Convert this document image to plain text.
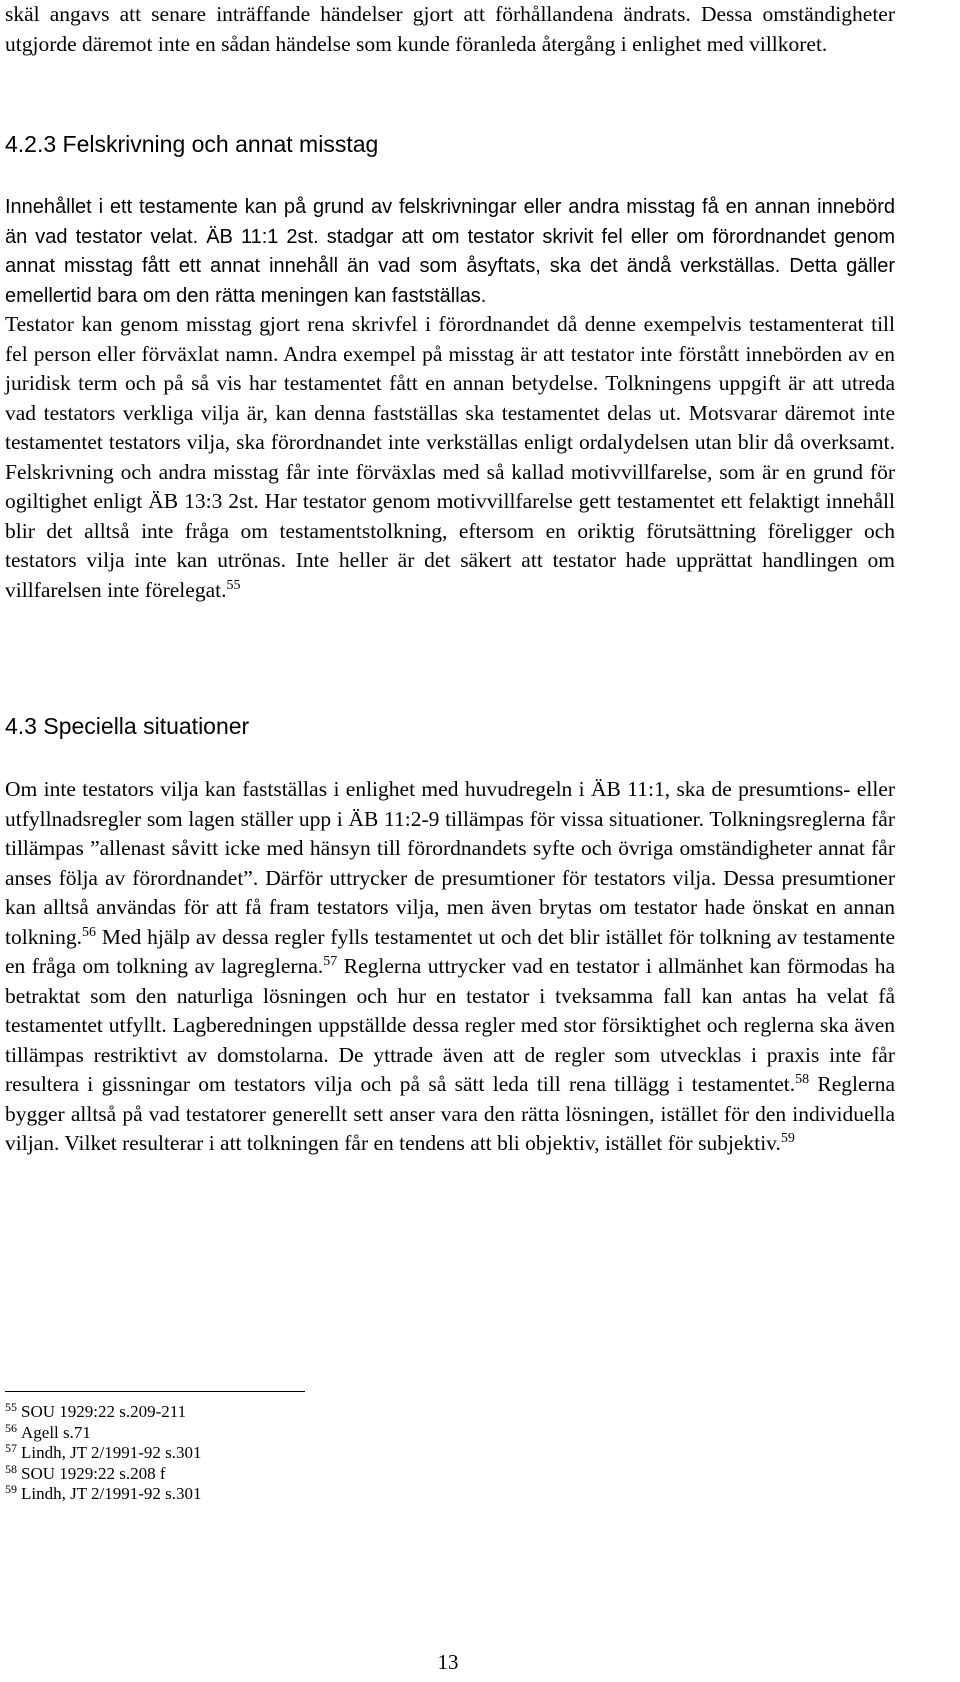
skäl angavs att senare inträffande händelser gjort att förhållandena ändrats. Dessa omständigheter utgjorde däremot inte en sådan händelse som kunde föranleda återgång i enlighet med villkoret.

4.2.3 Felskrivning och annat misstag

Innehållet i ett testamente kan på grund av felskrivningar eller andra misstag få en annan innebörd än vad testator velat. ÄB 11:1 2st. stadgar att om testator skrivit fel eller om förordnandet genom annat misstag fått ett annat innehåll än vad som åsyftats, ska det ändå verkställas. Detta gäller emellertid bara om den rätta meningen kan fastställas.

Testator kan genom misstag gjort rena skrivfel i förordnandet då denne exempelvis testamenterat till fel person eller förväxlat namn. Andra exempel på misstag är att testator inte förstått innebörden av en juridisk term och på så vis har testamentet fått en annan betydelse. Tolkningens uppgift är att utreda vad testators verkliga vilja är, kan denna fastställas ska testamentet delas ut. Motsvarar däremot inte testamentet testators vilja, ska förordnandet inte verkställas enligt ordalydelsen utan blir då overksamt. Felskrivning och andra misstag får inte förväxlas med så kallad motivvillfarelse, som är en grund för ogiltighet enligt ÄB 13:3 2st. Har testator genom motivvillfarelse gett testamentet ett felaktigt innehåll blir det alltså inte fråga om testamentstolkning, eftersom en oriktig förutsättning föreligger och testators vilja inte kan utrönas. Inte heller är det säkert att testator hade upprättat handlingen om villfarelsen inte förelegat.$^{55}$

4.3 Speciella situationer

Om inte testators vilja kan fastställas i enlighet med huvudregeln i ÄB 11:1, ska de presumtions- eller utfyllnadsregler som lagen ställer upp i ÄB 11:2-9 tillämpas för vissa situationer. Tolkningsreglerna får tillämpas ”allenast såvitt icke med hänsyn till förordnandets syfte och övriga omständigheter annat får anses följa av förordnandet”. Därför uttrycker de presumtioner för testators vilja. Dessa presumtioner kan alltså användas för att få fram testators vilja, men även brytas om testator hade önskat en annan tolkning.$^{56}$ Med hjälp av dessa regler fylls testamentet ut och det blir istället för tolkning av testamente en fråga om tolkning av lagreglerna.$^{57}$ Reglerna uttrycker vad en testator i allmänhet kan förmodas ha betraktat som den naturliga lösningen och hur en testator i tveksamma fall kan antas ha velat få testamentet utfyllt. Lagberedningen uppställde dessa regler med stor försiktighet och reglerna ska även tillämpas restriktivt av domstolarna. De yttrade även att de regler som utvecklas i praxis inte får resultera i gissningar om testators vilja och på så sätt leda till rena tillägg i testamentet.$^{58}$ Reglerna bygger alltså på vad testatorer generellt sett anser vara den rätta lösningen, istället för den individuella viljan. Vilket resulterar i att tolkningen får en tendens att bli objektiv, istället för subjektiv.$^{59}$

$^{55}$ SOU 1929:22 s.209-211
$^{56}$ Agell s.71
$^{57}$ Lindh, JT 2/1991-92 s.301
$^{58}$ SOU 1929:22 s.208 f
$^{59}$ Lindh, JT 2/1991-92 s.301
13
